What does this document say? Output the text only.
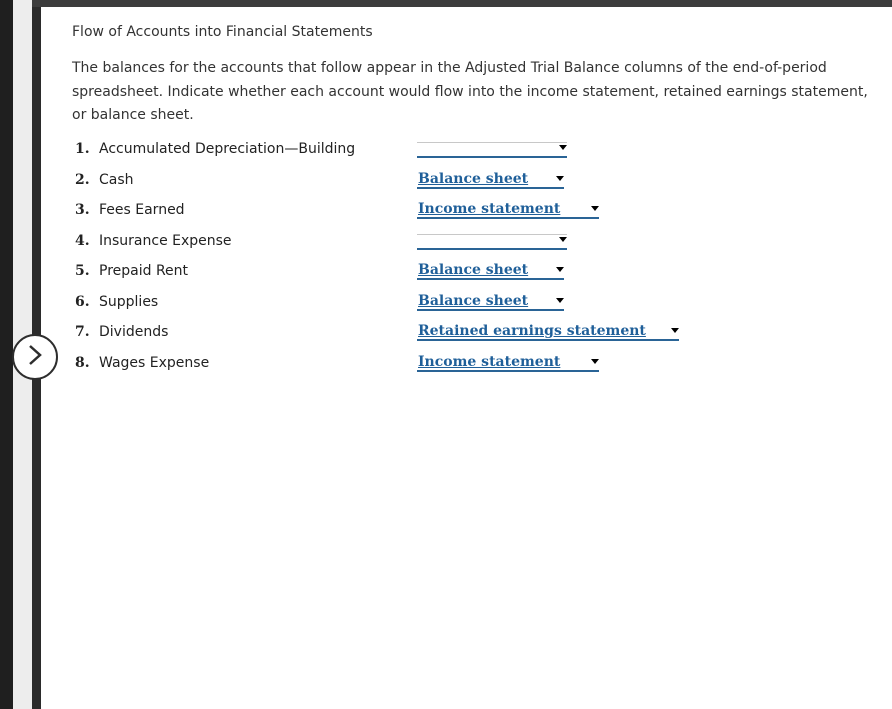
Flow of Accounts into Financial Statements

The balances for the accounts that follow appear in the Adjusted Trial Balance columns of the end-of-period spreadsheet. Indicate whether each account would flow into the income statement, retained earnings statement, or balance sheet.
1. Accumulated Depreciation—Building
2. Cash	Balance sheet
3. Fees Earned	Income statement
4. Insurance Expense
5. Prepaid Rent	Balance sheet
6. Supplies	Balance sheet
7. Dividends	Retained earnings statement
8. Wages Expense	Income statement
